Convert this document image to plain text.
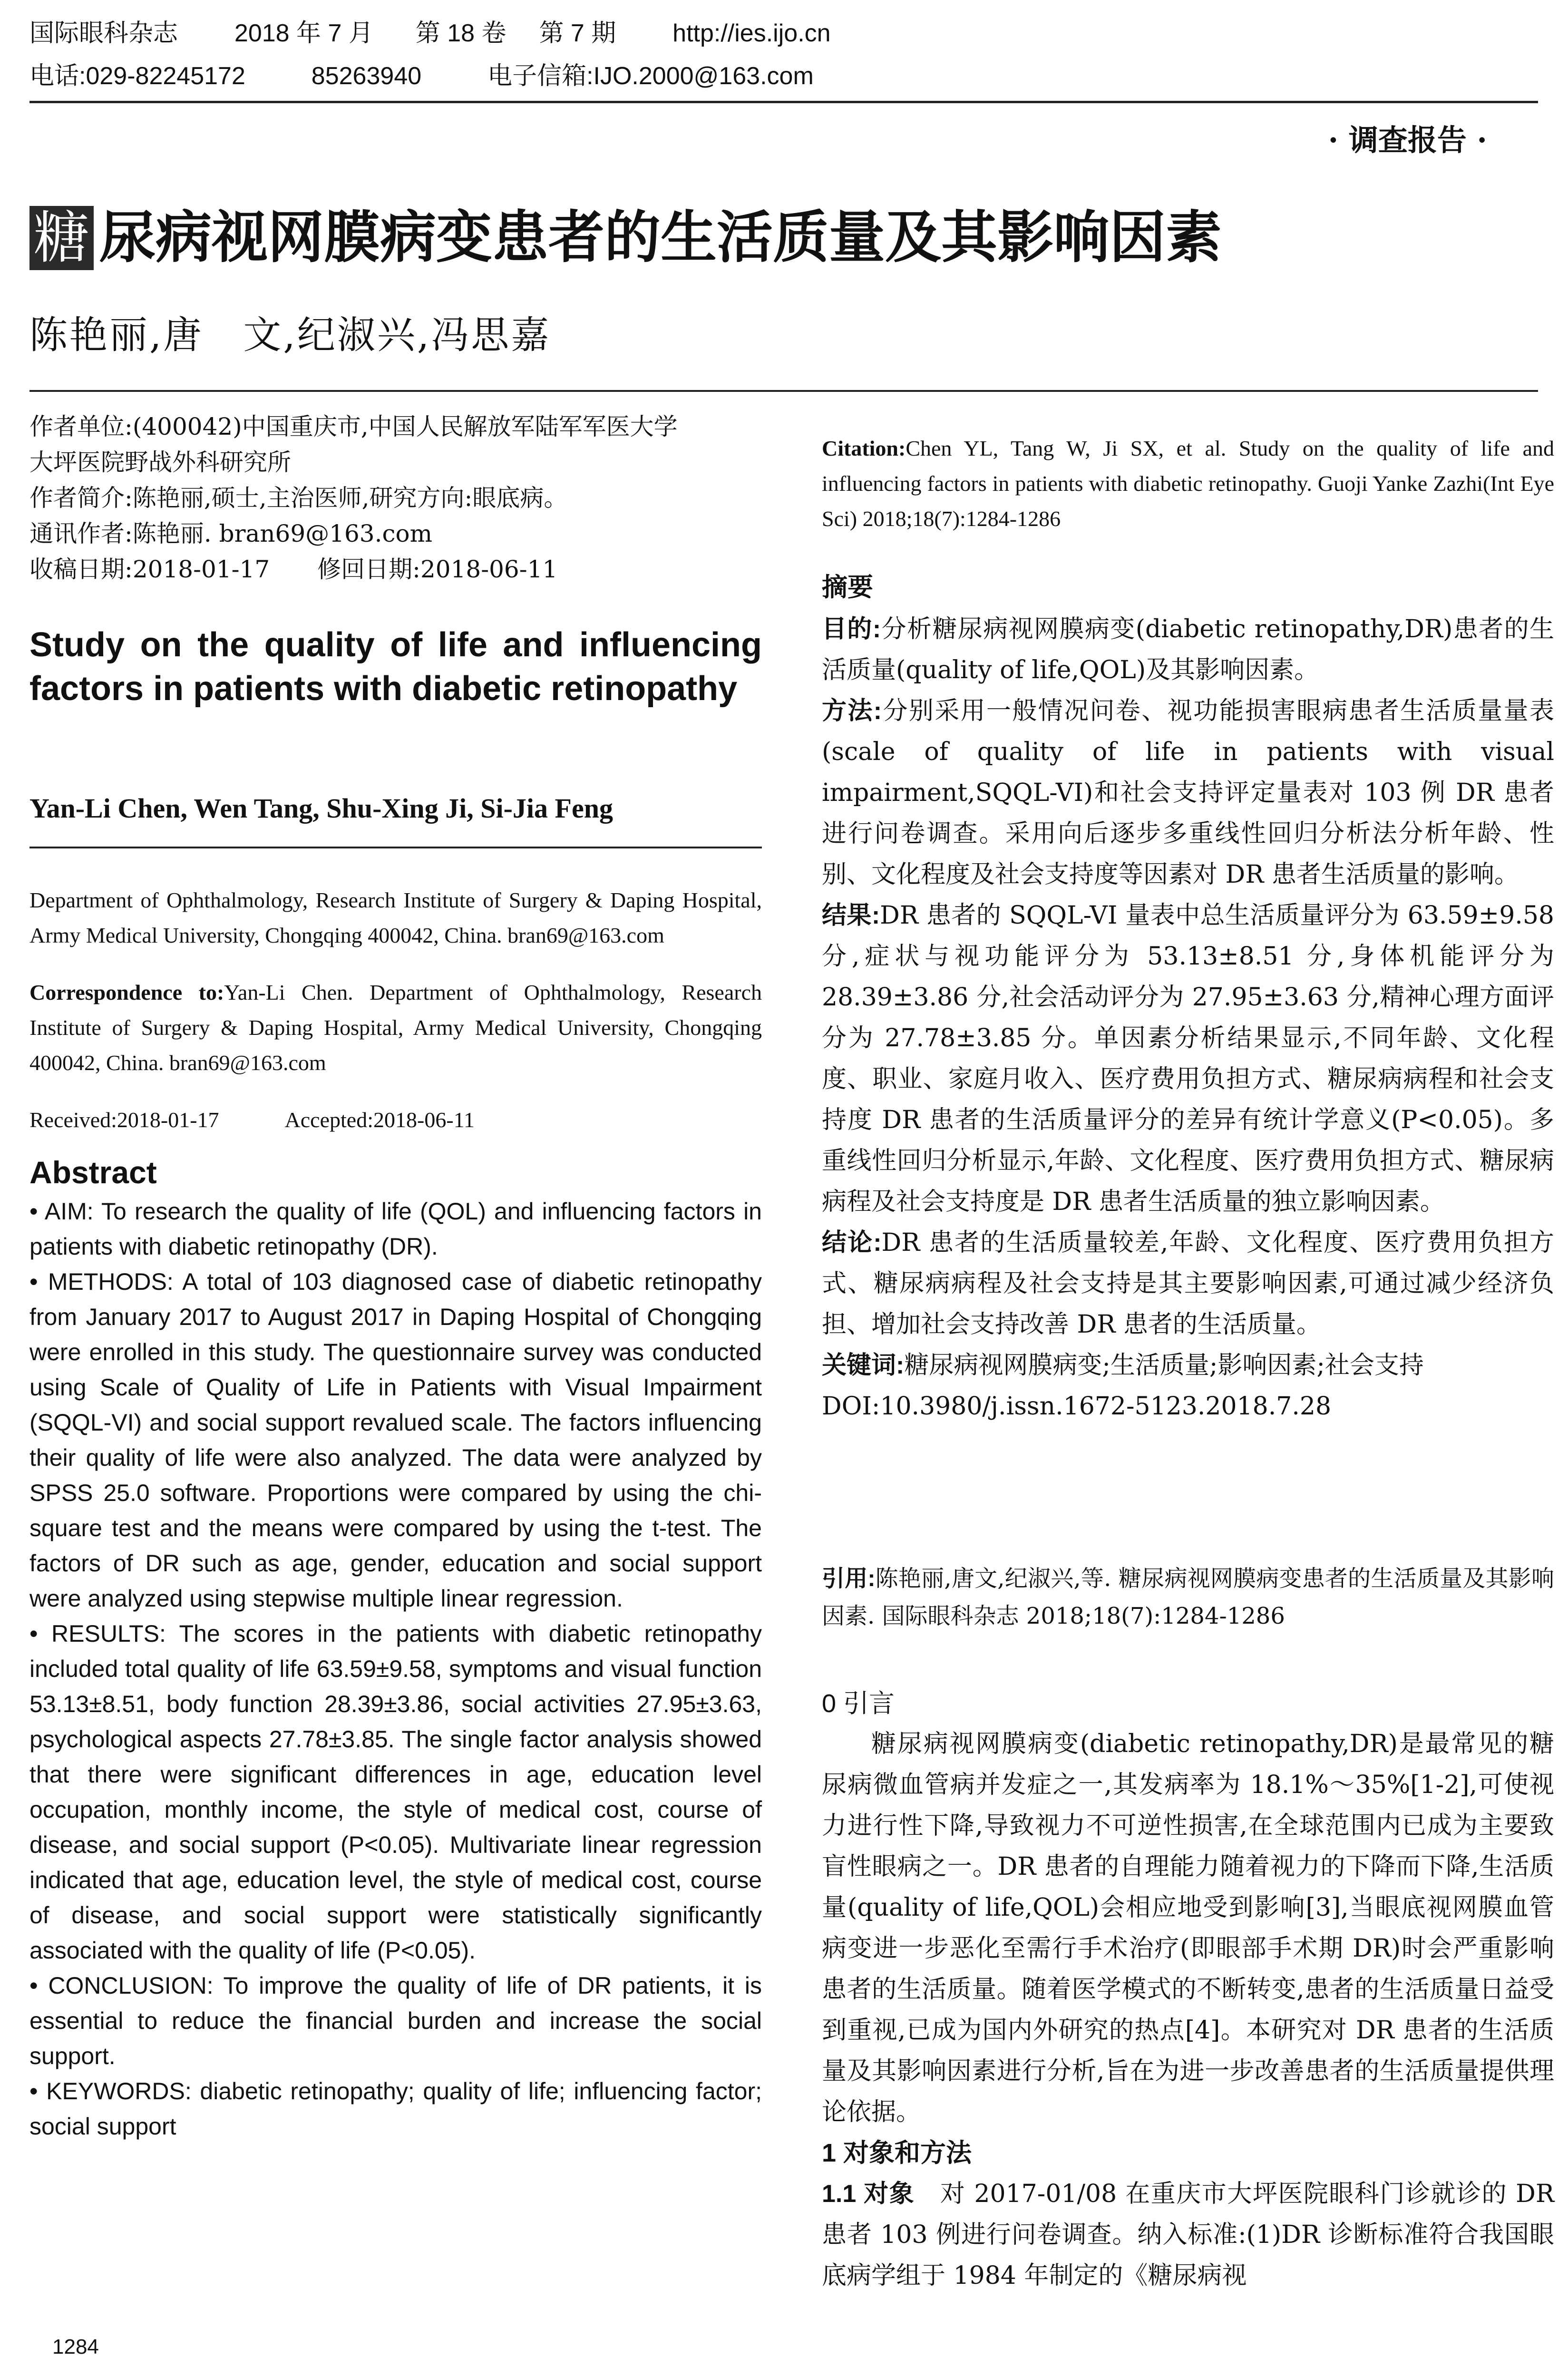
国际眼科杂志 2018 年 7 月 第 18 卷 第 7 期 http://ies.ijo.cn
电话:029-82245172	85263940	电子信箱:IJO.2000@163.com
· 调查报告 ·
糖 尿病视网膜病变患者的生活质量及其影响因素
陈艳丽,唐　文,纪淑兴,冯思嘉

作者单位:(400042)中国重庆市,中国人民解放军陆军军医大学

大坪医院野战外科研究所

作者简介:陈艳丽,硕士,主治医师,研究方向:眼底病。

通讯作者:陈艳丽. bran69@163.com

收稿日期:2018-01-17　　修回日期:2018-06-11

Study on the quality of life and influencing factors in patients with diabetic retinopathy
Yan-Li Chen, Wen Tang, Shu-Xing Ji, Si-Jia Feng

Department of Ophthalmology, Research Institute of Surgery & Daping Hospital, Army Medical University, Chongqing 400042, China. bran69@163.com

Correspondence to:Yan-Li Chen. Department of Ophthalmology, Research Institute of Surgery & Daping Hospital, Army Medical University, Chongqing 400042, China. bran69@163.com

Received:2018-01-17　　　Accepted:2018-06-11

Abstract

• AIM: To research the quality of life (QOL) and influencing factors in patients with diabetic retinopathy (DR).

• METHODS: A total of 103 diagnosed case of diabetic retinopathy from January 2017 to August 2017 in Daping Hospital of Chongqing were enrolled in this study. The questionnaire survey was conducted using Scale of Quality of Life in Patients with Visual Impairment (SQQL-VI) and social support revalued scale. The factors influencing their quality of life were also analyzed. The data were analyzed by SPSS 25.0 software. Proportions were compared by using the chi-square test and the means were compared by using the t-test. The factors of DR such as age, gender, education and social support were analyzed using stepwise multiple linear regression.

• RESULTS: The scores in the patients with diabetic retinopathy included total quality of life 63.59±9.58, symptoms and visual function 53.13±8.51, body function 28.39±3.86, social activities 27.95±3.63, psychological aspects 27.78±3.85. The single factor analysis showed that there were significant differences in age, education level occupation, monthly income, the style of medical cost, course of disease, and social support (P<0.05). Multivariate linear regression indicated that age, education level, the style of medical cost, course of disease, and social support were statistically significantly associated with the quality of life (P<0.05).

• CONCLUSION: To improve the quality of life of DR patients, it is essential to reduce the financial burden and increase the social support.

• KEYWORDS: diabetic retinopathy; quality of life; influencing factor; social support

Citation:Chen YL, Tang W, Ji SX, et al. Study on the quality of life and influencing factors in patients with diabetic retinopathy. Guoji Yanke Zazhi(Int Eye Sci) 2018;18(7):1284-1286

摘要

目的:分析糖尿病视网膜病变(diabetic retinopathy,DR)患者的生活质量(quality of life,QOL)及其影响因素。

方法:分别采用一般情况问卷、视功能损害眼病患者生活质量量表(scale of quality of life in patients with visual impairment,SQQL-VI)和社会支持评定量表对 103 例 DR 患者进行问卷调查。采用向后逐步多重线性回归分析法分析年龄、性别、文化程度及社会支持度等因素对 DR 患者生活质量的影响。

结果:DR 患者的 SQQL-VI 量表中总生活质量评分为 63.59±9.58 分,症状与视功能评分为 53.13±8.51 分,身体机能评分为 28.39±3.86 分,社会活动评分为 27.95±3.63 分,精神心理方面评分为 27.78±3.85 分。单因素分析结果显示,不同年龄、文化程度、职业、家庭月收入、医疗费用负担方式、糖尿病病程和社会支持度 DR 患者的生活质量评分的差异有统计学意义(P<0.05)。多重线性回归分析显示,年龄、文化程度、医疗费用负担方式、糖尿病病程及社会支持度是 DR 患者生活质量的独立影响因素。

结论:DR 患者的生活质量较差,年龄、文化程度、医疗费用负担方式、糖尿病病程及社会支持是其主要影响因素,可通过减少经济负担、增加社会支持改善 DR 患者的生活质量。

关键词:糖尿病视网膜病变;生活质量;影响因素;社会支持

DOI:10.3980/j.issn.1672-5123.2018.7.28

引用:陈艳丽,唐文,纪淑兴,等. 糖尿病视网膜病变患者的生活质量及其影响因素. 国际眼科杂志 2018;18(7):1284-1286

0 引言

糖尿病视网膜病变(diabetic retinopathy,DR)是最常见的糖尿病微血管病并发症之一,其发病率为 18.1%～35%[1-2],可使视力进行性下降,导致视力不可逆性损害,在全球范围内已成为主要致盲性眼病之一。DR 患者的自理能力随着视力的下降而下降,生活质量(quality of life,QOL)会相应地受到影响[3],当眼底视网膜血管病变进一步恶化至需行手术治疗(即眼部手术期 DR)时会严重影响患者的生活质量。随着医学模式的不断转变,患者的生活质量日益受到重视,已成为国内外研究的热点[4]。本研究对 DR 患者的生活质量及其影响因素进行分析,旨在为进一步改善患者的生活质量提供理论依据。

1 对象和方法

1.1 对象　 对 2017-01/08 在重庆市大坪医院眼科门诊就诊的 DR 患者 103 例进行问卷调查。纳入标准:(1)DR 诊断标准符合我国眼底病学组于 1984 年制定的《糖尿病视

1284
